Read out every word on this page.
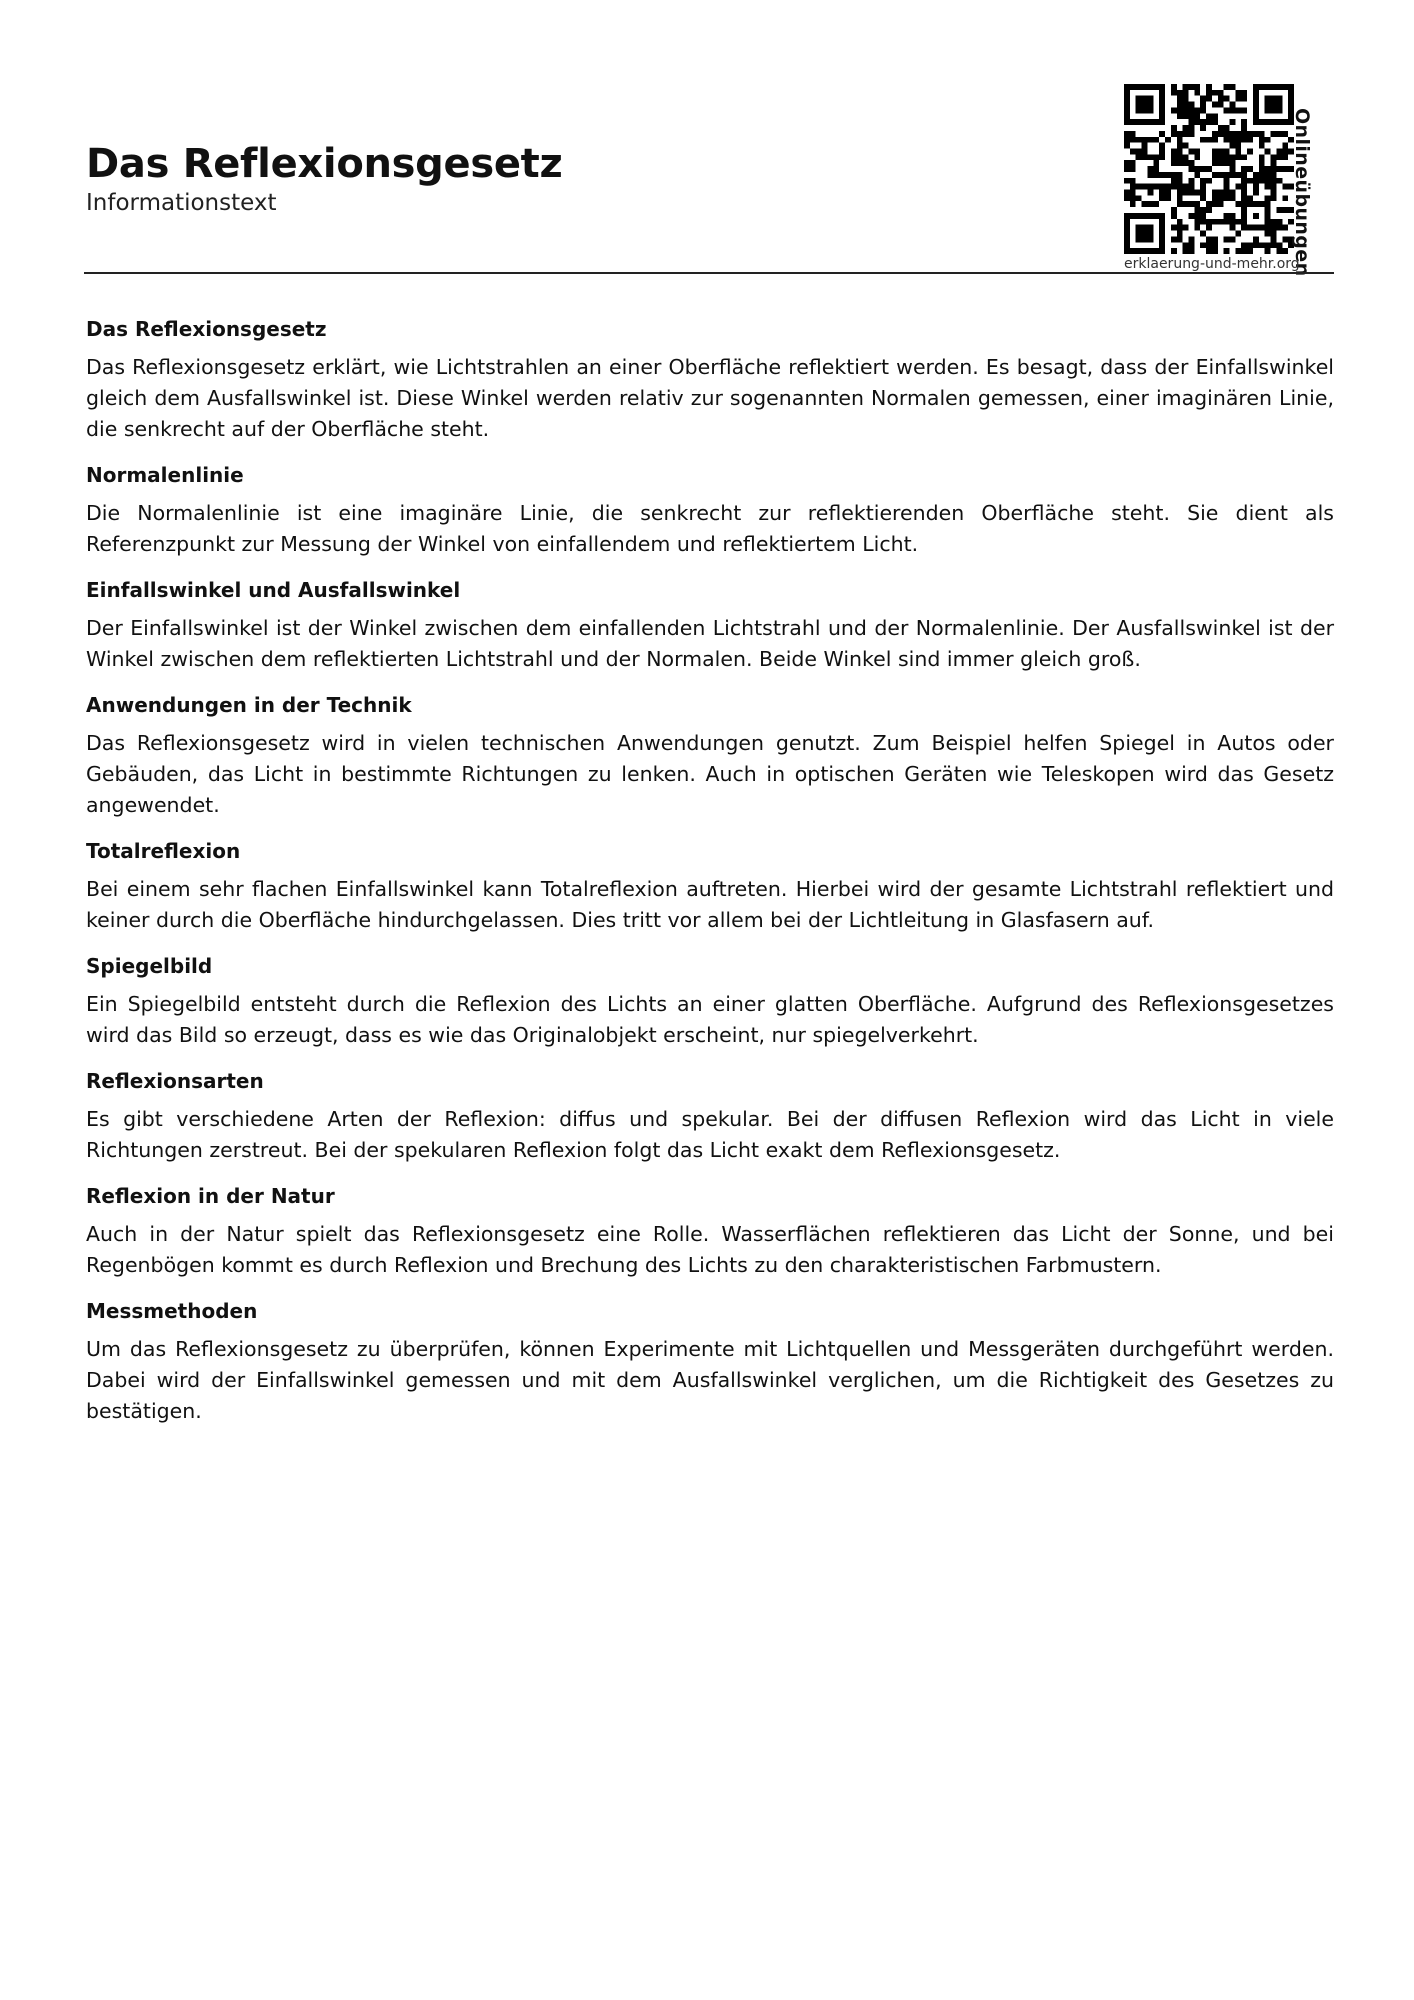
Das Reflexionsgesetz
Informationstext	Onlineübungen
erklaerung-und-mehr.org
Das Reflexionsgesetz

Das Reflexionsgesetz erklärt, wie Lichtstrahlen an einer Oberfläche reflektiert werden. Es besagt, dass der Einfallswinkel gleich dem Ausfallswinkel ist. Diese Winkel werden relativ zur sogenannten Normalen gemessen, einer imaginären Linie, die senkrecht auf der Oberfläche steht.

Normalenlinie

Die Normalenlinie ist eine imaginäre Linie, die senkrecht zur reflektierenden Oberfläche steht. Sie dient als Referenzpunkt zur Messung der Winkel von einfallendem und reflektiertem Licht.

Einfallswinkel und Ausfallswinkel

Der Einfallswinkel ist der Winkel zwischen dem einfallenden Lichtstrahl und der Normalenlinie. Der Ausfallswinkel ist der Winkel zwischen dem reflektierten Lichtstrahl und der Normalen. Beide Winkel sind immer gleich groß.

Anwendungen in der Technik

Das Reflexionsgesetz wird in vielen technischen Anwendungen genutzt. Zum Beispiel helfen Spiegel in Autos oder Gebäuden, das Licht in bestimmte Richtungen zu lenken. Auch in optischen Geräten wie Teleskopen wird das Gesetz angewendet.

Totalreflexion

Bei einem sehr flachen Einfallswinkel kann Totalreflexion auftreten. Hierbei wird der gesamte Lichtstrahl reflektiert und keiner durch die Oberfläche hindurchgelassen. Dies tritt vor allem bei der Lichtleitung in Glasfasern auf.

Spiegelbild

Ein Spiegelbild entsteht durch die Reflexion des Lichts an einer glatten Oberfläche. Aufgrund des Reflexionsgesetzes wird das Bild so erzeugt, dass es wie das Originalobjekt erscheint, nur spiegelverkehrt.

Reflexionsarten

Es gibt verschiedene Arten der Reflexion: diffus und spekular. Bei der diffusen Reflexion wird das Licht in viele Richtungen zerstreut. Bei der spekularen Reflexion folgt das Licht exakt dem Reflexionsgesetz.

Reflexion in der Natur

Auch in der Natur spielt das Reflexionsgesetz eine Rolle. Wasserflächen reflektieren das Licht der Sonne, und bei Regenbögen kommt es durch Reflexion und Brechung des Lichts zu den charakteristischen Farbmustern.

Messmethoden

Um das Reflexionsgesetz zu überprüfen, können Experimente mit Lichtquellen und Messgeräten durchgeführt werden. Dabei wird der Einfallswinkel gemessen und mit dem Ausfallswinkel verglichen, um die Richtigkeit des Gesetzes zu bestätigen.
